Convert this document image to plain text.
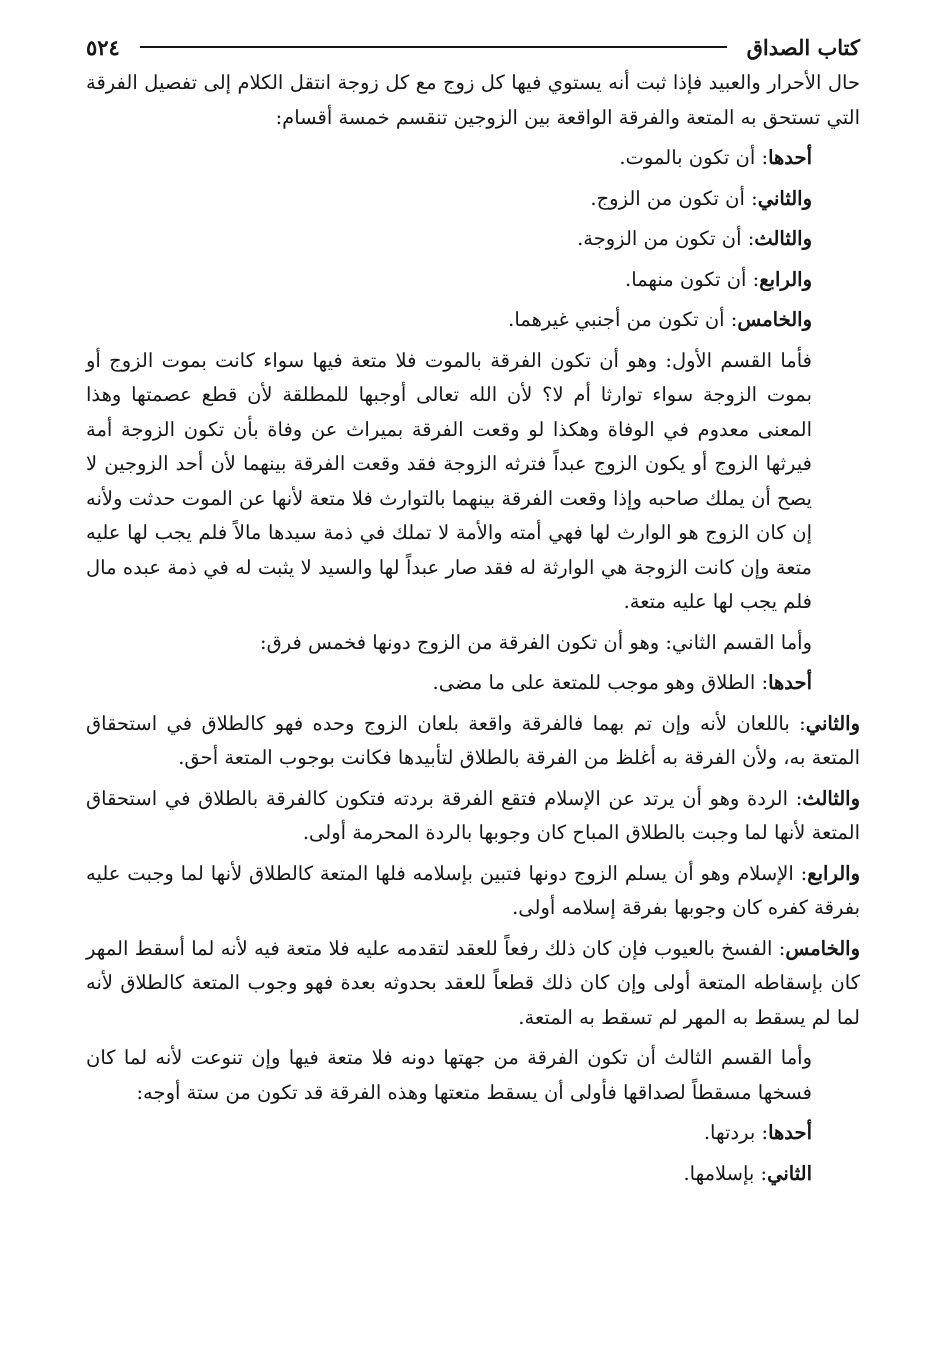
كتاب الصداق
٥٢٤

حال الأحرار والعبيد فإذا ثبت أنه يستوي فيها كل زوج مع كل زوجة انتقل الكلام إلى تفصيل الفرقة التي تستحق به المتعة والفرقة الواقعة بين الزوجين تنقسم خمسة أقسام:

أحدها: أن تكون بالموت.

والثاني: أن تكون من الزوج.

والثالث: أن تكون من الزوجة.

والرابع: أن تكون منهما.

والخامس: أن تكون من أجنبي غيرهما.

فأما القسم الأول: وهو أن تكون الفرقة بالموت فلا متعة فيها سواء كانت بموت الزوج أو بموت الزوجة سواء توارثا أم لا؟ لأن الله تعالى أوجبها للمطلقة لأن قطع عصمتها وهذا المعنى معدوم في الوفاة وهكذا لو وقعت الفرقة بميراث عن وفاة بأن تكون الزوجة أمة فيرثها الزوج أو يكون الزوج عبداً فترثه الزوجة فقد وقعت الفرقة بينهما لأن أحد الزوجين لا يصح أن يملك صاحبه وإذا وقعت الفرقة بينهما بالتوارث فلا متعة لأنها عن الموت حدثت ولأنه إن كان الزوج هو الوارث لها فهي أمته والأمة لا تملك في ذمة سيدها مالاً فلم يجب لها عليه متعة وإن كانت الزوجة هي الوارثة له فقد صار عبداً لها والسيد لا يثبت له في ذمة عبده مال فلم يجب لها عليه متعة.

وأما القسم الثاني: وهو أن تكون الفرقة من الزوج دونها فخمس فرق:

أحدها: الطلاق وهو موجب للمتعة على ما مضى.

والثاني: باللعان لأنه وإن تم بهما فالفرقة واقعة بلعان الزوج وحده فهو كالطلاق في استحقاق المتعة به، ولأن الفرقة به أغلظ من الفرقة بالطلاق لتأبيدها فكانت بوجوب المتعة أحق.

والثالث: الردة وهو أن يرتد عن الإسلام فتقع الفرقة بردته فتكون كالفرقة بالطلاق في استحقاق المتعة لأنها لما وجبت بالطلاق المباح كان وجوبها بالردة المحرمة أولى.

والرابع: الإسلام وهو أن يسلم الزوج دونها فتبين بإسلامه فلها المتعة كالطلاق لأنها لما وجبت عليه بفرقة كفره كان وجوبها بفرقة إسلامه أولى.

والخامس: الفسخ بالعيوب فإن كان ذلك رفعاً للعقد لتقدمه عليه فلا متعة فيه لأنه لما أسقط المهر كان بإسقاطه المتعة أولى وإن كان ذلك قطعاً للعقد بحدوثه بعدة فهو وجوب المتعة كالطلاق لأنه لما لم يسقط به المهر لم تسقط به المتعة.

وأما القسم الثالث أن تكون الفرقة من جهتها دونه فلا متعة فيها وإن تنوعت لأنه لما كان فسخها مسقطاً لصداقها فأولى أن يسقط متعتها وهذه الفرقة قد تكون من ستة أوجه:

أحدها: بردتها.

الثاني: بإسلامها.
